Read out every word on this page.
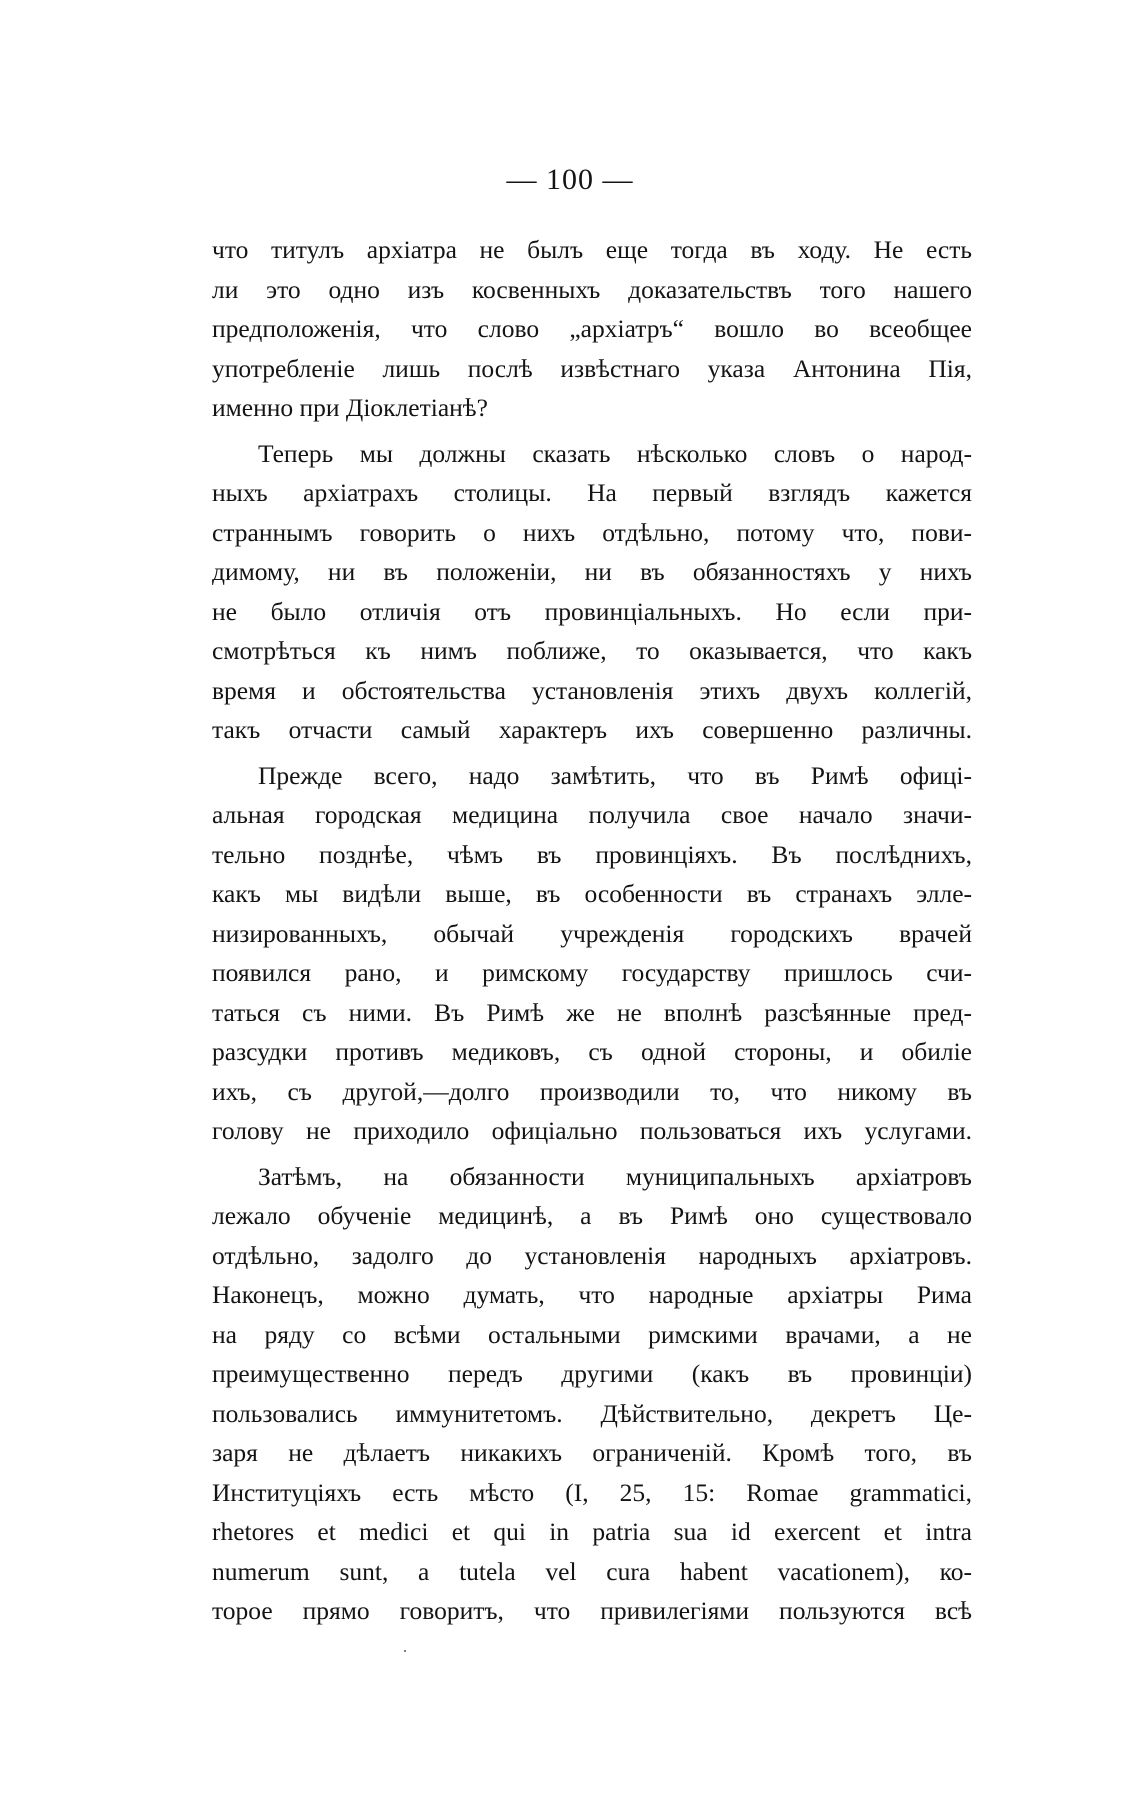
— 100 —
что титулъ архіатра не былъ еще тогда въ ходу. Не есть
ли это одно изъ косвенныхъ доказательствъ того нашего
предположенія, что слово „архіатръ“ вошло во всеобщее
употребленіе лишь послѣ извѣстнаго указа Антонина Пія,
именно при Діоклетіанѣ?
Теперь мы должны сказать нѣсколько словъ о народ-
ныхъ архіатрахъ столицы. На первый взглядъ кажется
страннымъ говорить о нихъ отдѣльно, потому что, пови-
димому, ни въ положеніи, ни въ обязанностяхъ у нихъ
не было отличія отъ провинціальныхъ. Но если при-
смотрѣться къ нимъ поближе, то оказывается, что какъ
время и обстоятельства установленія этихъ двухъ коллегій,
такъ отчасти самый характеръ ихъ совершенно различны.
Прежде всего, надо замѣтить, что въ Римѣ офиці-
альная городская медицина получила свое начало значи-
тельно позднѣе, чѣмъ въ провинціяхъ. Въ послѣднихъ,
какъ мы видѣли выше, въ особенности въ странахъ элле-
низированныхъ, обычай учрежденія городскихъ врачей
появился рано, и римскому государству пришлось счи-
таться съ ними. Въ Римѣ же не вполнѣ разсѣянные пред-
разсудки противъ медиковъ, съ одной стороны, и обиліе
ихъ, съ другой,—долго производили то, что никому въ
голову не приходило офиціально пользоваться ихъ услугами.
Затѣмъ, на обязанности муниципальныхъ архіатровъ
лежало обученіе медицинѣ, а въ Римѣ оно существовало
отдѣльно, задолго до установленія народныхъ архіатровъ.
Наконецъ, можно думать, что народные архіатры Рима
на ряду со всѣми остальными римскими врачами, а не
преимущественно передъ другими (какъ въ провинціи)
пользовались иммунитетомъ. Дѣйствительно, декретъ Це-
заря не дѣлаетъ никакихъ ограниченій. Кромѣ того, въ
Институціяхъ есть мѣсто (I, 25, 15: Romae grammatici,
rhetores et medici et qui in patria sua id exercent et intra
numerum sunt, a tutela vel cura habent vacationem), ко-
торое прямо говоритъ, что привилегіями пользуются всѣ
